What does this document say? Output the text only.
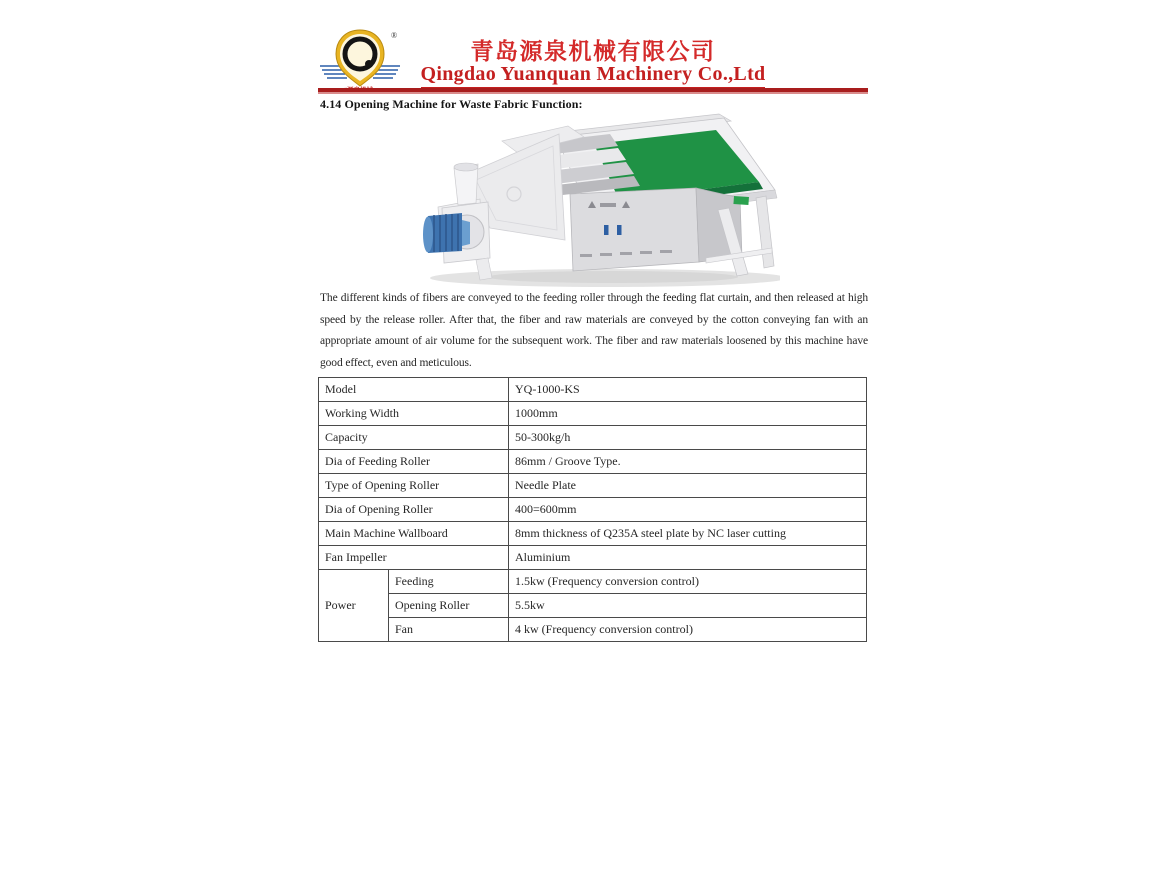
®
青岛源泉机械有限公司
Qingdao Yuanquan Machinery Co.,Ltd
4.14 Opening Machine for Waste Fabric Function:
The different kinds of fibers are conveyed to the feeding roller through the feeding flat curtain, and then released at high speed by the release roller. After that, the fiber and raw materials are conveyed by the cotton conveying fan with an appropriate amount of air volume for the subsequent work. The fiber and raw materials loosened by this machine have good effect, even and meticulous.
Model		YQ-1000-KS
Working Width		1000mm
Capacity		50-300kg/h
Dia of Feeding Roller		86mm / Groove Type.
Type of Opening Roller		Needle Plate
Dia of Opening Roller		400=600mm
Main Machine Wallboard		8mm thickness of Q235A steel plate by NC laser cutting
Fan Impeller		Aluminium
Power	Feeding	1.5kw (Frequency conversion control)
	Opening Roller	5.5kw
	Fan	4 kw (Frequency conversion control)
